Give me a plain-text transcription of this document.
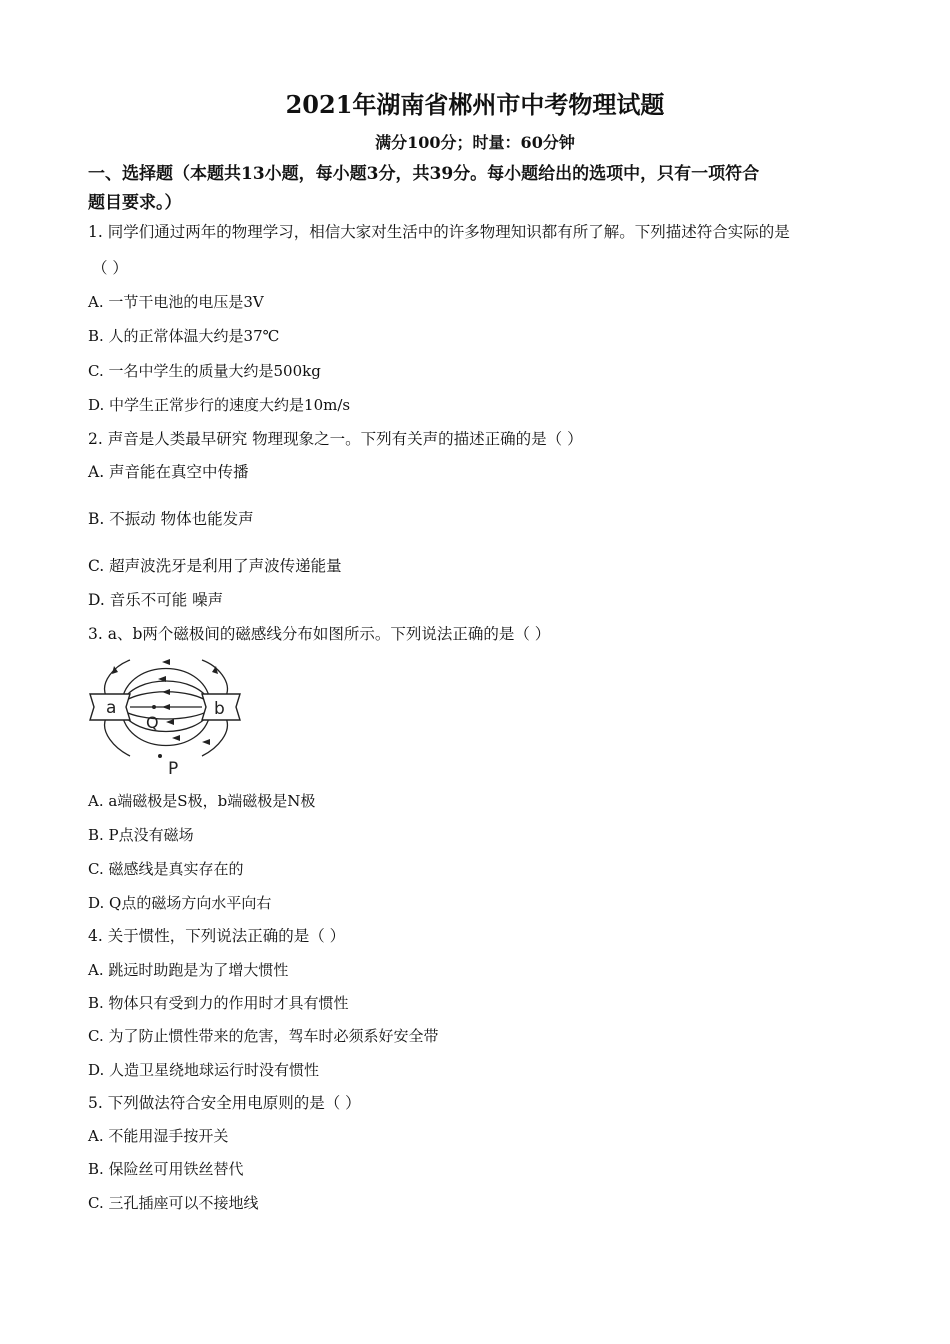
2021年湖南省郴州市中考物理试题
满分100分；时量：60分钟
一、选择题（本题共13小题，每小题3分，共39分。每小题给出的选项中，只有一项符合
题目要求。）
1. 同学们通过两年的物理学习，相信大家对生活中的许多物理知识都有所了解。下列描述符合实际的是
（ ）
A. 一节干电池的电压是3V
B. 人的正常体温大约是37℃
C. 一名中学生的质量大约是500kg
D. 中学生正常步行的速度大约是10m/s
2. 声音是人类最早研究 物理现象之一。下列有关声的描述正确的是（ ）
A. 声音能在真空中传播
B. 不振动 物体也能发声
C. 超声波洗牙是利用了声波传递能量
D. 音乐不可能 噪声
3. a、b两个磁极间的磁感线分布如图所示。下列说法正确的是（ ）
a	b
Q
P
A. a端磁极是S极，b端磁极是N极
B. P点没有磁场
C. 磁感线是真实存在的
D. Q点的磁场方向水平向右
4. 关于惯性，下列说法正确的是（ ）
A. 跳远时助跑是为了增大惯性
B. 物体只有受到力的作用时才具有惯性
C. 为了防止惯性带来的危害，驾车时必须系好安全带
D. 人造卫星绕地球运行时没有惯性
5. 下列做法符合安全用电原则的是（ ）
A. 不能用湿手按开关
B. 保险丝可用铁丝替代
C. 三孔插座可以不接地线
